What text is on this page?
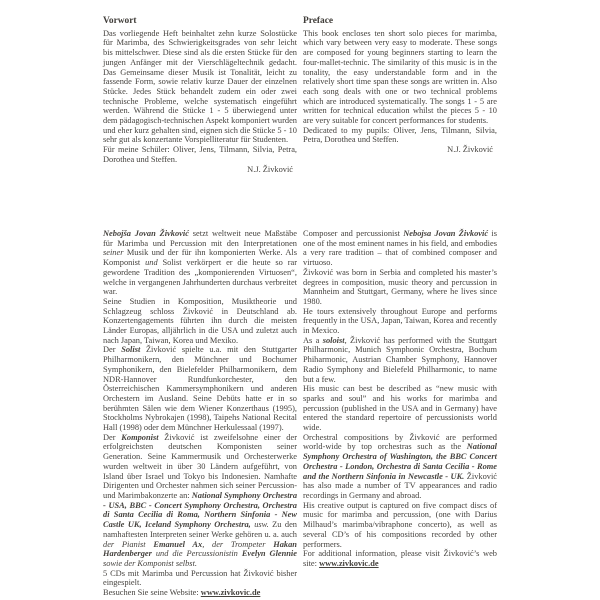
Vorwort

Das vorliegende Heft beinhaltet zehn kurze Solostücke für Marimba, des Schwierigkeitsgrades von sehr leicht bis mittelschwer. Diese sind als die ersten Stücke für den jungen Anfänger mit der Vierschlägeltechnik gedacht. Das Gemeinsame dieser Musik ist Tonalität, leicht zu fassende Form, sowie relativ kurze Dauer der einzelnen Stücke. Jedes Stück behandelt zudem ein oder zwei technische Probleme, welche systematisch eingeführt werden. Während die Stücke 1 - 5 überwiegend unter dem pädagogisch-technischen Aspekt komponiert wurden und eher kurz gehalten sind, eignen sich die Stücke 5 - 10 sehr gut als konzertante Vorspielliteratur für Studenten.

Für meine Schüler: Oliver, Jens, Tilmann, Silvia, Petra, Dorothea und Steffen.

N.J. Živković
Preface

This book encloses ten short solo pieces for marimba, which vary between very easy to moderate. These songs are composed for young beginners starting to learn the four-mallet-technic. The similarity of this music is in the tonality, the easy understandable form and in the relatively short time span these songs are written in. Also each song deals with one or two technical problems which are introduced systematically. The songs 1 - 5 are written for technical education whilst the pieces 5 - 10 are very suitable for concert performances for students.

Dedicated to my pupils: Oliver, Jens, Tilmann, Silvia, Petra, Dorothea und Steffen.

N.J. Živković

Nebojša Jovan Živković setzt weltweit neue Maßstäbe für Marimba und Percussion mit den Interpretationen seiner Musik und der für ihn komponierten Werke. Als Komponist und Solist verkörpert er die heute so rar gewordene Tradition des „komponierenden Virtuosen“, welche in vergangenen Jahrhunderten durchaus verbreitet war.

Seine Studien in Komposition, Musiktheorie und Schlagzeug schloss Živković in Deutschland ab. Konzertengagements führten ihn durch die meisten Länder Europas, alljährlich in die USA und zuletzt auch nach Japan, Taiwan, Korea und Mexiko.

Der Solist Živković spielte u.a. mit den Stuttgarter Philharmonikern, den Münchner und Bochumer Symphonikern, den Bielefelder Philharmonikern, dem NDR-Hannover Rundfunkorchester, den Österreichischen Kammersymphonikern und anderen Orchestern im Ausland. Seine Debüts hatte er in so berühmten Sälen wie dem Wiener Konzerthaus (1995), Stockholms Nybrokajen (1998), Taipehs National Recital Hall (1998) oder dem Münchner Herkulessaal (1997).

Der Komponist Živković ist zweifelsohne einer der erfolgreichsten deutschen Komponisten seiner Generation. Seine Kammermusik und Orchesterwerke wurden weltweit in über 30 Ländern aufgeführt, von Island über Israel und Tokyo bis Indonesien. Namhafte Dirigenten und Orchester nahmen sich seiner Percussion- und Marimbakonzerte an: National Symphony Orchestra - USA, BBC - Concert Symphony Orchestra, Orchestra di Santa Cecilia di Roma, Northern Sinfonia - New Castle UK, Iceland Symphony Orchestra, usw. Zu den namhaftesten Interpreten seiner Werke gehören u. a. auch der Pianist Emanuel Ax, der Trompeter Hakan Hardenberger und die Percussionistin Evelyn Glennie sowie der Komponist selbst.

5 CDs mit Marimba und Percussion hat Živković bisher eingespielt.

Besuchen Sie seine Website: www.zivkovic.de

Composer and percussionist Nebojsa Jovan Živković is one of the most eminent names in his field, and embodies a very rare tradition – that of combined composer and virtuoso.

Živković was born in Serbia and completed his master’s degrees in composition, music theory and percussion in Mannheim and Stuttgart, Germany, where he lives since 1980.

He tours extensively throughout Europe and performs frequently in the USA, Japan, Taiwan, Korea and recently in Mexico.

As a soloist, Živković has performed with the Stuttgart Philharmonic, Munich Symphonic Orchestra, Bochum Phiharmonic, Austrian Chamber Symphony, Hannover Radio Symphony and Bielefeld Philharmonic, to name but a few.

His music can best be described as “new music with sparks and soul” and his works for marimba and percussion (published in the USA and in Germany) have entered the standard repertoire of percussionists world wide.

Orchestral compositions by Živković are performed world-wide by top orchestras such as the National Symphony Orchestra of Washington, the BBC Concert Orchestra - London, Orchestra di Santa Cecilia - Rome and the Northern Sinfonia in Newcastle - UK. Živković has also made a number of TV appearances and radio recordings in Germany and abroad.

His creative output is captured on five compact discs of music for marimba and percussion, (one with Darius Milhaud’s marimba/vibraphone concerto), as well as several CD’s of his compositions recorded by other performers.

For additional information, please visit Živković’s web site: www.zivkovic.de
